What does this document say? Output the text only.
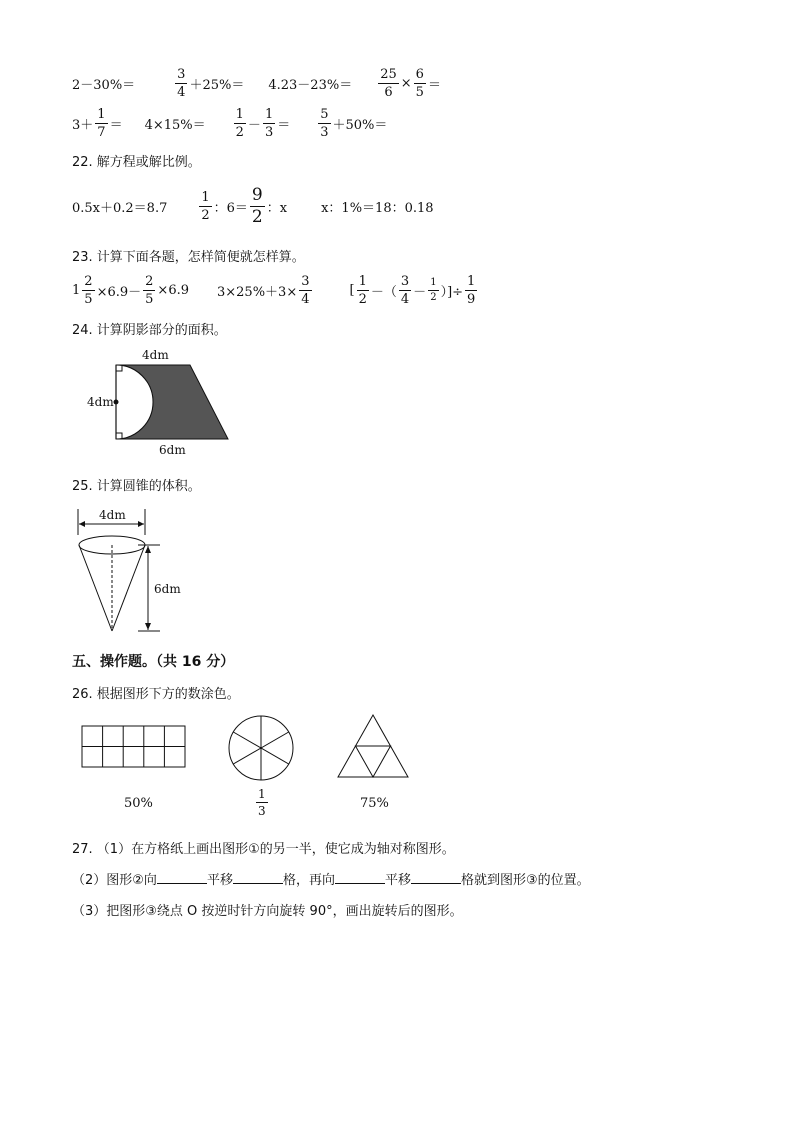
2－30%＝	$\frac{3}{4} +25\%= 4.23-23\%= \frac{25}{6} \times \frac{6}{5}$ ＝
$3+ \frac{1}{7} = 4\times 15\%= \frac{1}{2} - \frac{1}{3} = \frac{5}{3} +50\%=$
22. 解方程或解比例。
$0.5x+0.2=8.7 \frac{1}{2}$ ：$6= \frac{9}{2}$ ：x	x：1%＝18：0.18
23. 计算下面各题，怎样简便就怎样算。
$1 \frac{2}{5} \times 6.9- \frac{2}{5} \times 6.9$ $3\times 25\%+3\times \frac{3}{4}$	[ $\frac{1}{2}$ －（ $\frac{3}{4} - \frac{1}{2}$ ）]÷ $\frac{1}{9}$
24. 计算阴影部分的面积。
4dm
4dm
6dm
25. 计算圆锥的体积。
4dm
6dm
五、操作题。（共 16 分）
26. 根据图形下方的数涂色。
50%	$\frac{1}{3}$	75%
27. （1）在方格纸上画出图形①的另一半，使它成为轴对称图形。
（2）图形②向	平移	格，再向	平移	格就到图形③的位置。
（3）把图形③绕点 O 按逆时针方向旋转 90°，画出旋转后的图形。
